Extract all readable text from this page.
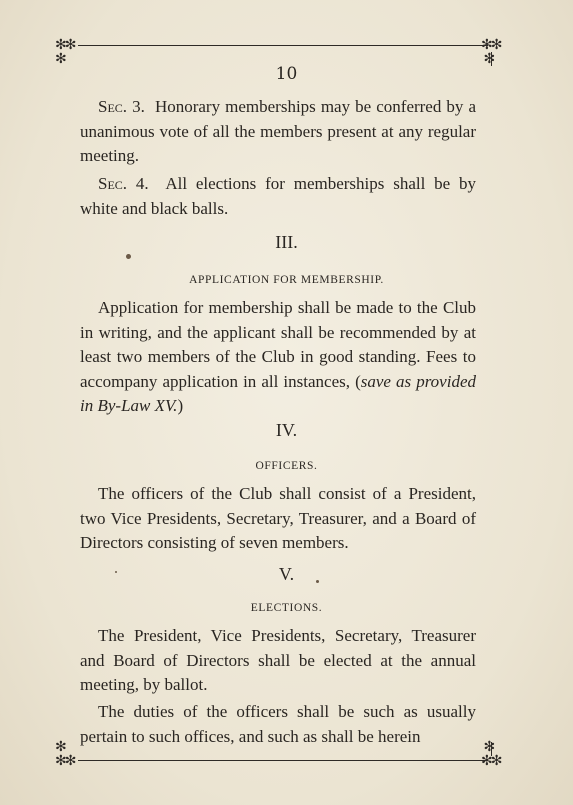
✻✻
✻
✻✻
✻
✻
✻✻
✻
✻✻
10

Sec. 3. Honorary memberships may be conferred by a unanimous vote of all the members present at any regular meeting.

Sec. 4. All elections for memberships shall be by white and black balls.

III.
APPLICATION FOR MEMBERSHIP.

Application for membership shall be made to the Club in writing, and the applicant shall be recommended by at least two members of the Club in good standing. Fees to accompany application in all instances, (save as provided in By-Law XV.)

IV.
OFFICERS.

The officers of the Club shall consist of a President, two Vice Presidents, Secretary, Treasurer, and a Board of Directors consisting of seven members.

V.
ELECTIONS.

The President, Vice Presidents, Secretary, Treasurer and Board of Directors shall be elected at the annual meeting, by ballot.

The duties of the officers shall be such as usually pertain to such offices, and such as shall be herein
